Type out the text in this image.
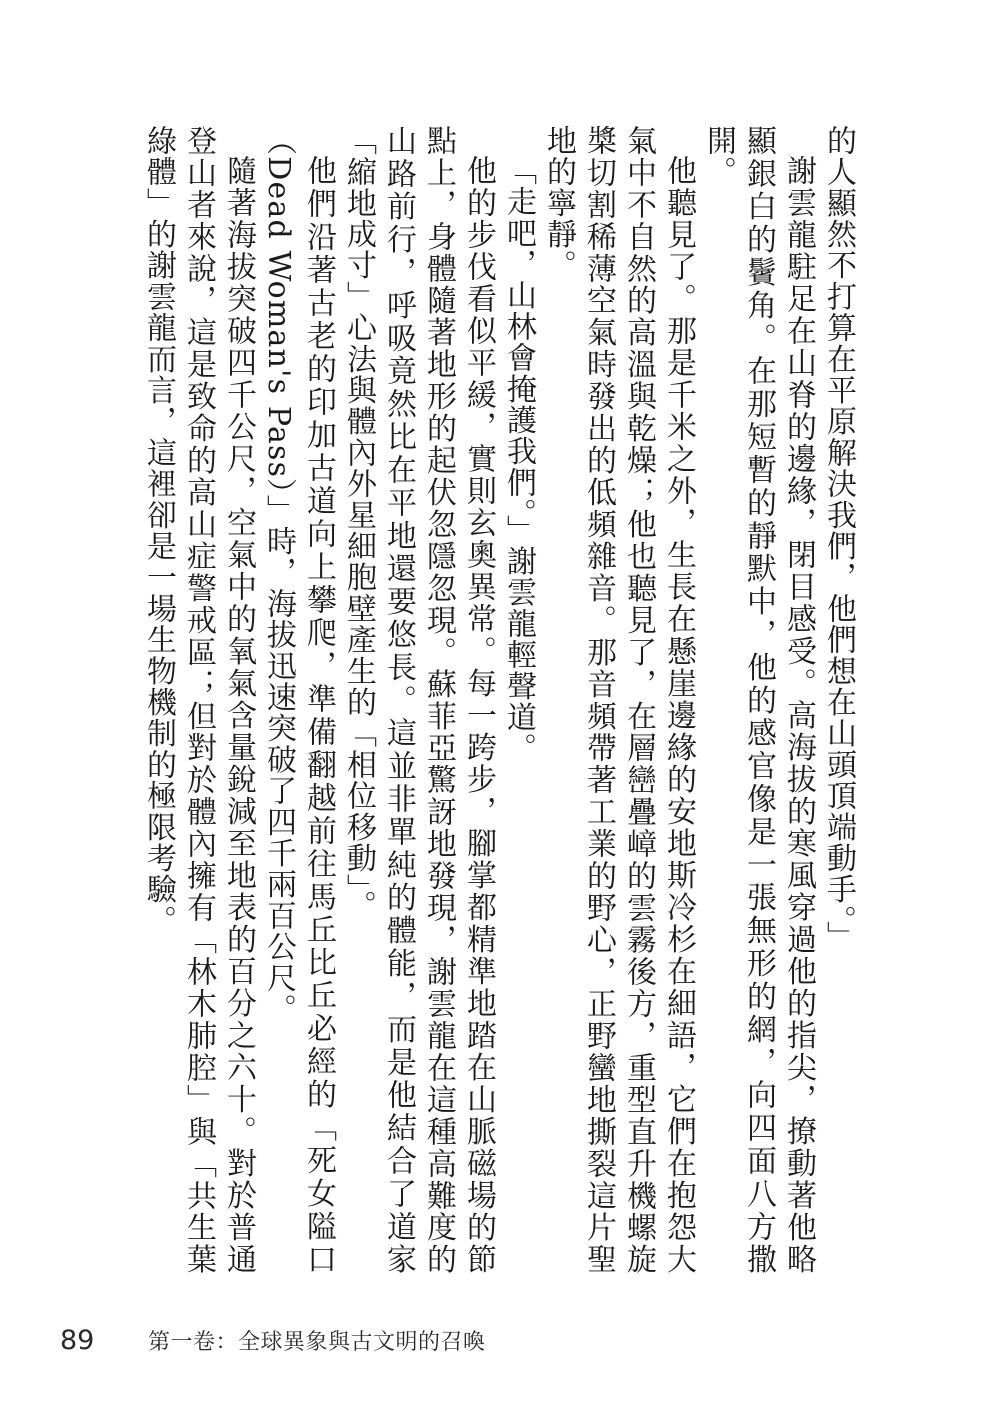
的人顯然不打算在平原解決我們，他們想在山頭頂端動手。」

謝雲龍駐足在山脊的邊緣，閉目感受。高海拔的寒風穿過他的指尖，撩動著他略顯銀白的鬢角。在那短暫的靜默中，他的感官像是一張無形的網，向四面八方撒開。

他聽見了。那是千米之外，生長在懸崖邊緣的安地斯冷杉在細語，它們在抱怨大氣中不自然的高溫與乾燥；他也聽見了，在層巒疊嶂的雲霧後方，重型直升機螺旋槳切割稀薄空氣時發出的低頻雜音。那音頻帶著工業的野心，正野蠻地撕裂這片聖地的寧靜。

「走吧，山林會掩護我們。」謝雲龍輕聲道。

他的步伐看似平緩，實則玄奧異常。每一跨步，腳掌都精準地踏在山脈磁場的節點上，身體隨著地形的起伏忽隱忽現。蘇菲亞驚訝地發現，謝雲龍在這種高難度的山路前行，呼吸竟然比在平地還要悠長。這並非單純的體能，而是他結合了道家「縮地成寸」心法與體內外星細胞壁產生的「相位移動」。

他們沿著古老的印加古道向上攀爬，準備翻越前往馬丘比丘必經的「死女隘口（Dead Woman's Pass）」時，海拔迅速突破了四千兩百公尺。

隨著海拔突破四千公尺，空氣中的氧氣含量銳減至地表的百分之六十。對於普通登山者來說，這是致命的高山症警戒區；但對於體內擁有「林木肺腔」與「共生葉綠體」的謝雲龍而言，這裡卻是一場生物機制的極限考驗。

89	第一卷：全球異象與古文明的召喚
